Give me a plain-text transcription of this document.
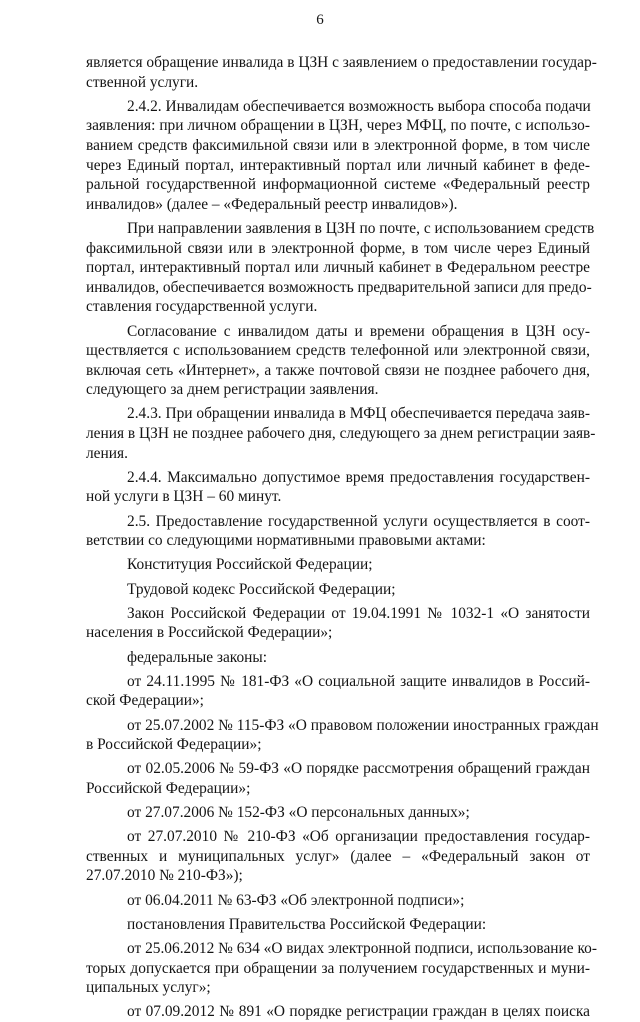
6
является обращение инвалида в ЦЗН с заявлением о предоставлении государ-
ственной услуги.
2.4.2. Инвалидам обеспечивается возможность выбора способа подачи
заявления: при личном обращении в ЦЗН, через МФЦ, по почте, с использо-
ванием средств факсимильной связи или в электронной форме, в том числе
через Единый портал, интерактивный портал или личный кабинет в феде-
ральной государственной информационной системе «Федеральный реестр
инвалидов» (далее – «Федеральный реестр инвалидов»).
При направлении заявления в ЦЗН по почте, с использованием средств
факсимильной связи или в электронной форме, в том числе через Единый
портал, интерактивный портал или личный кабинет в Федеральном реестре
инвалидов, обеспечивается возможность предварительной записи для предо-
ставления государственной услуги.
Согласование с инвалидом даты и времени обращения в ЦЗН осу-
ществляется с использованием средств телефонной или электронной связи,
включая сеть «Интернет», а также почтовой связи не позднее рабочего дня,
следующего за днем регистрации заявления.
2.4.3. При обращении инвалида в МФЦ обеспечивается передача заяв-
ления в ЦЗН не позднее рабочего дня, следующего за днем регистрации заяв-
ления.
2.4.4. Максимально допустимое время предоставления государствен-
ной услуги в ЦЗН – 60 минут.
2.5. Предоставление государственной услуги осуществляется в соот-
ветствии со следующими нормативными правовыми актами:
Конституция Российской Федерации;
Трудовой кодекс Российской Федерации;
Закон Российской Федерации от 19.04.1991 № 1032-1 «О занятости
населения в Российской Федерации»;
федеральные законы:
от 24.11.1995 № 181-ФЗ «О социальной защите инвалидов в Россий-
ской Федерации»;
от 25.07.2002 № 115-ФЗ «О правовом положении иностранных граждан
в Российской Федерации»;
от 02.05.2006 № 59-ФЗ «О порядке рассмотрения обращений граждан
Российской Федерации»;
от 27.07.2006 № 152-ФЗ «О персональных данных»;
от 27.07.2010 № 210-ФЗ «Об организации предоставления государ-
ственных и муниципальных услуг» (далее – «Федеральный закон от
27.07.2010 № 210-ФЗ»);
от 06.04.2011 № 63-ФЗ «Об электронной подписи»;
постановления Правительства Российской Федерации:
от 25.06.2012 № 634 «О видах электронной подписи, использование ко-
торых допускается при обращении за получением государственных и муни-
ципальных услуг»;
от 07.09.2012 № 891 «О порядке регистрации граждан в целях поиска
